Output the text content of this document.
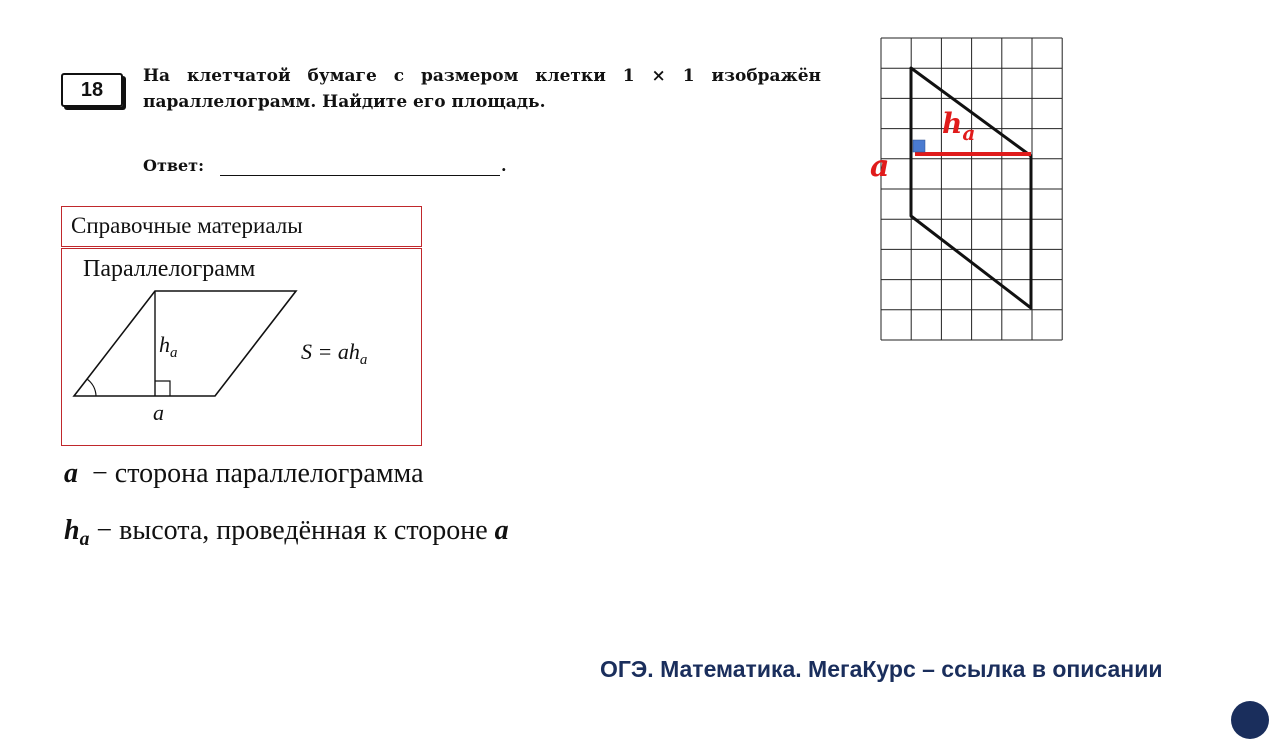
18
На клетчатой бумаге с размером клетки 1 × 1 изображён параллелограмм. Найдите его площадь.
Ответ:	.
Справочные материалы
Параллелограмм
$h_a$
a
$S = ah_a$
a − сторона параллелограмма
$h_a$ − высота, проведённая к стороне a
$h_a$
a
ОГЭ. Математика. МегаКурс – ссылка в описании
